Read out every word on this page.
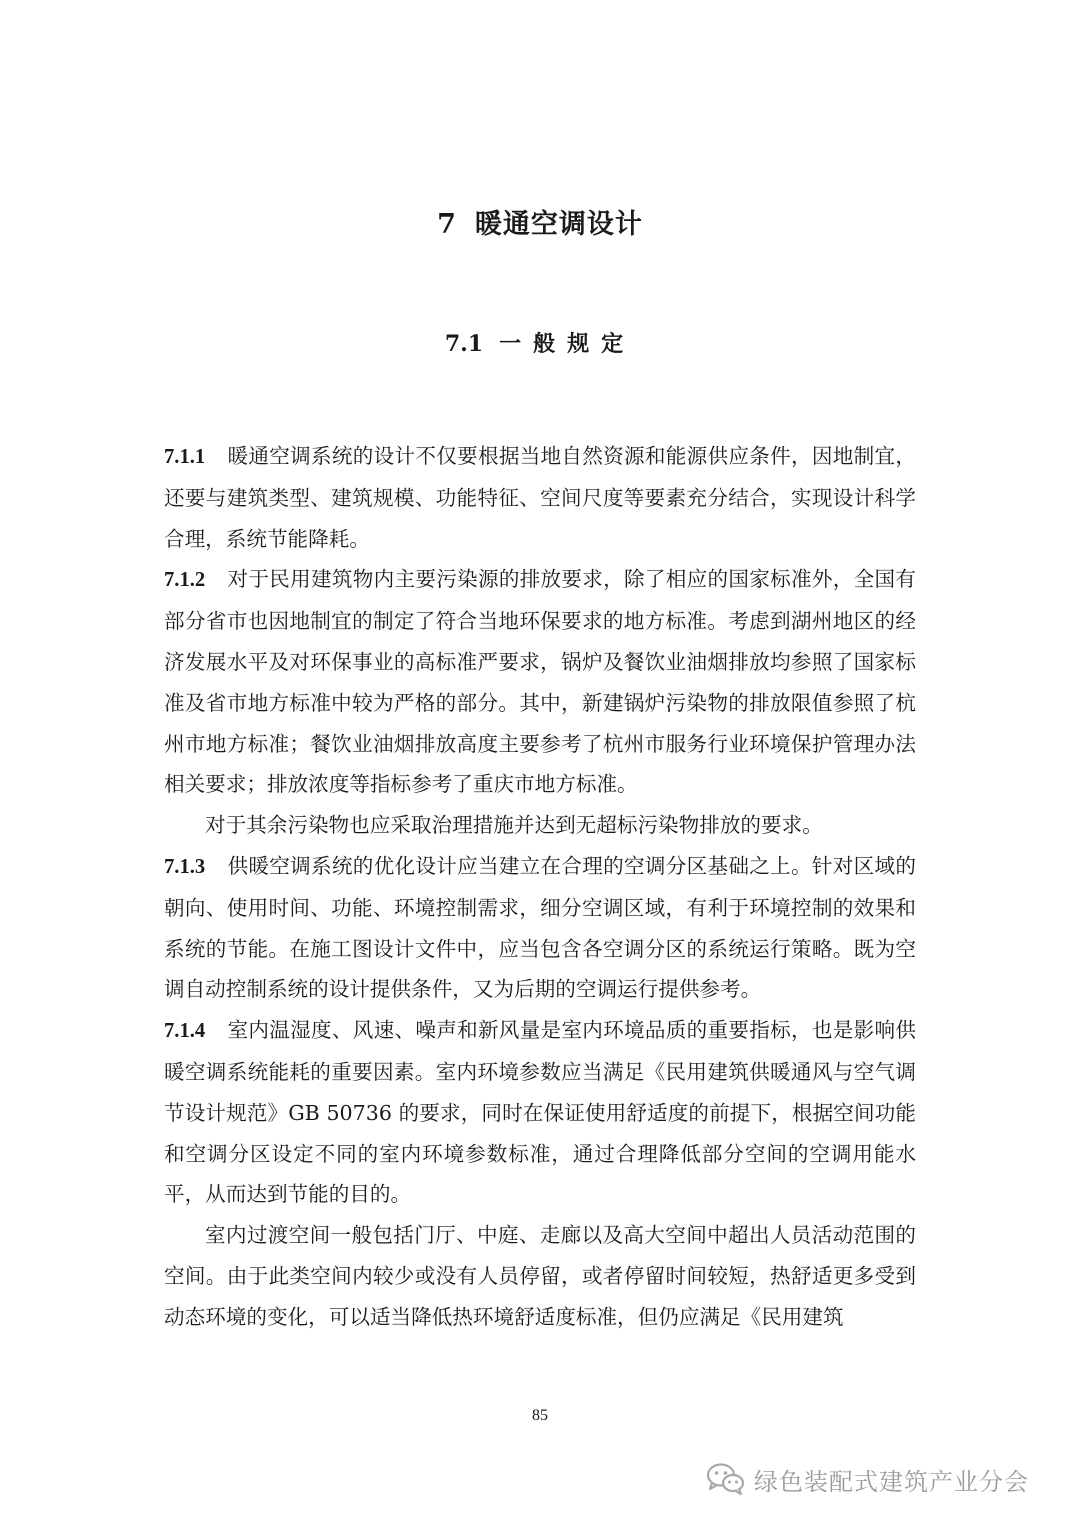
7 暖通空调设计
7.1 一般规定

7.1.1 暖通空调系统的设计不仅要根据当地自然资源和能源供应条件，因地制宜，还要与建筑类型、建筑规模、功能特征、空间尺度等要素充分结合，实现设计科学合理，系统节能降耗。

7.1.2 对于民用建筑物内主要污染源的排放要求，除了相应的国家标准外，全国有部分省市也因地制宜的制定了符合当地环保要求的地方标准。考虑到湖州地区的经济发展水平及对环保事业的高标准严要求，锅炉及餐饮业油烟排放均参照了国家标准及省市地方标准中较为严格的部分。其中，新建锅炉污染物的排放限值参照了杭州市地方标准；餐饮业油烟排放高度主要参考了杭州市服务行业环境保护管理办法相关要求；排放浓度等指标参考了重庆市地方标准。

对于其余污染物也应采取治理措施并达到无超标污染物排放的要求。

7.1.3 供暖空调系统的优化设计应当建立在合理的空调分区基础之上。针对区域的朝向、使用时间、功能、环境控制需求，细分空调区域，有利于环境控制的效果和系统的节能。在施工图设计文件中，应当包含各空调分区的系统运行策略。既为空调自动控制系统的设计提供条件，又为后期的空调运行提供参考。

7.1.4 室内温湿度、风速、噪声和新风量是室内环境品质的重要指标，也是影响供暖空调系统能耗的重要因素。室内环境参数应当满足《民用建筑供暖通风与空气调节设计规范》GB 50736 的要求，同时在保证使用舒适度的前提下，根据空间功能和空调分区设定不同的室内环境参数标准，通过合理降低部分空间的空调用能水平，从而达到节能的目的。

室内过渡空间一般包括门厅、中庭、走廊以及高大空间中超出人员活动范围的空间。由于此类空间内较少或没有人员停留，或者停留时间较短，热舒适更多受到动态环境的变化，可以适当降低热环境舒适度标准，但仍应满足《民用建筑

85
绿色装配式建筑产业分会
